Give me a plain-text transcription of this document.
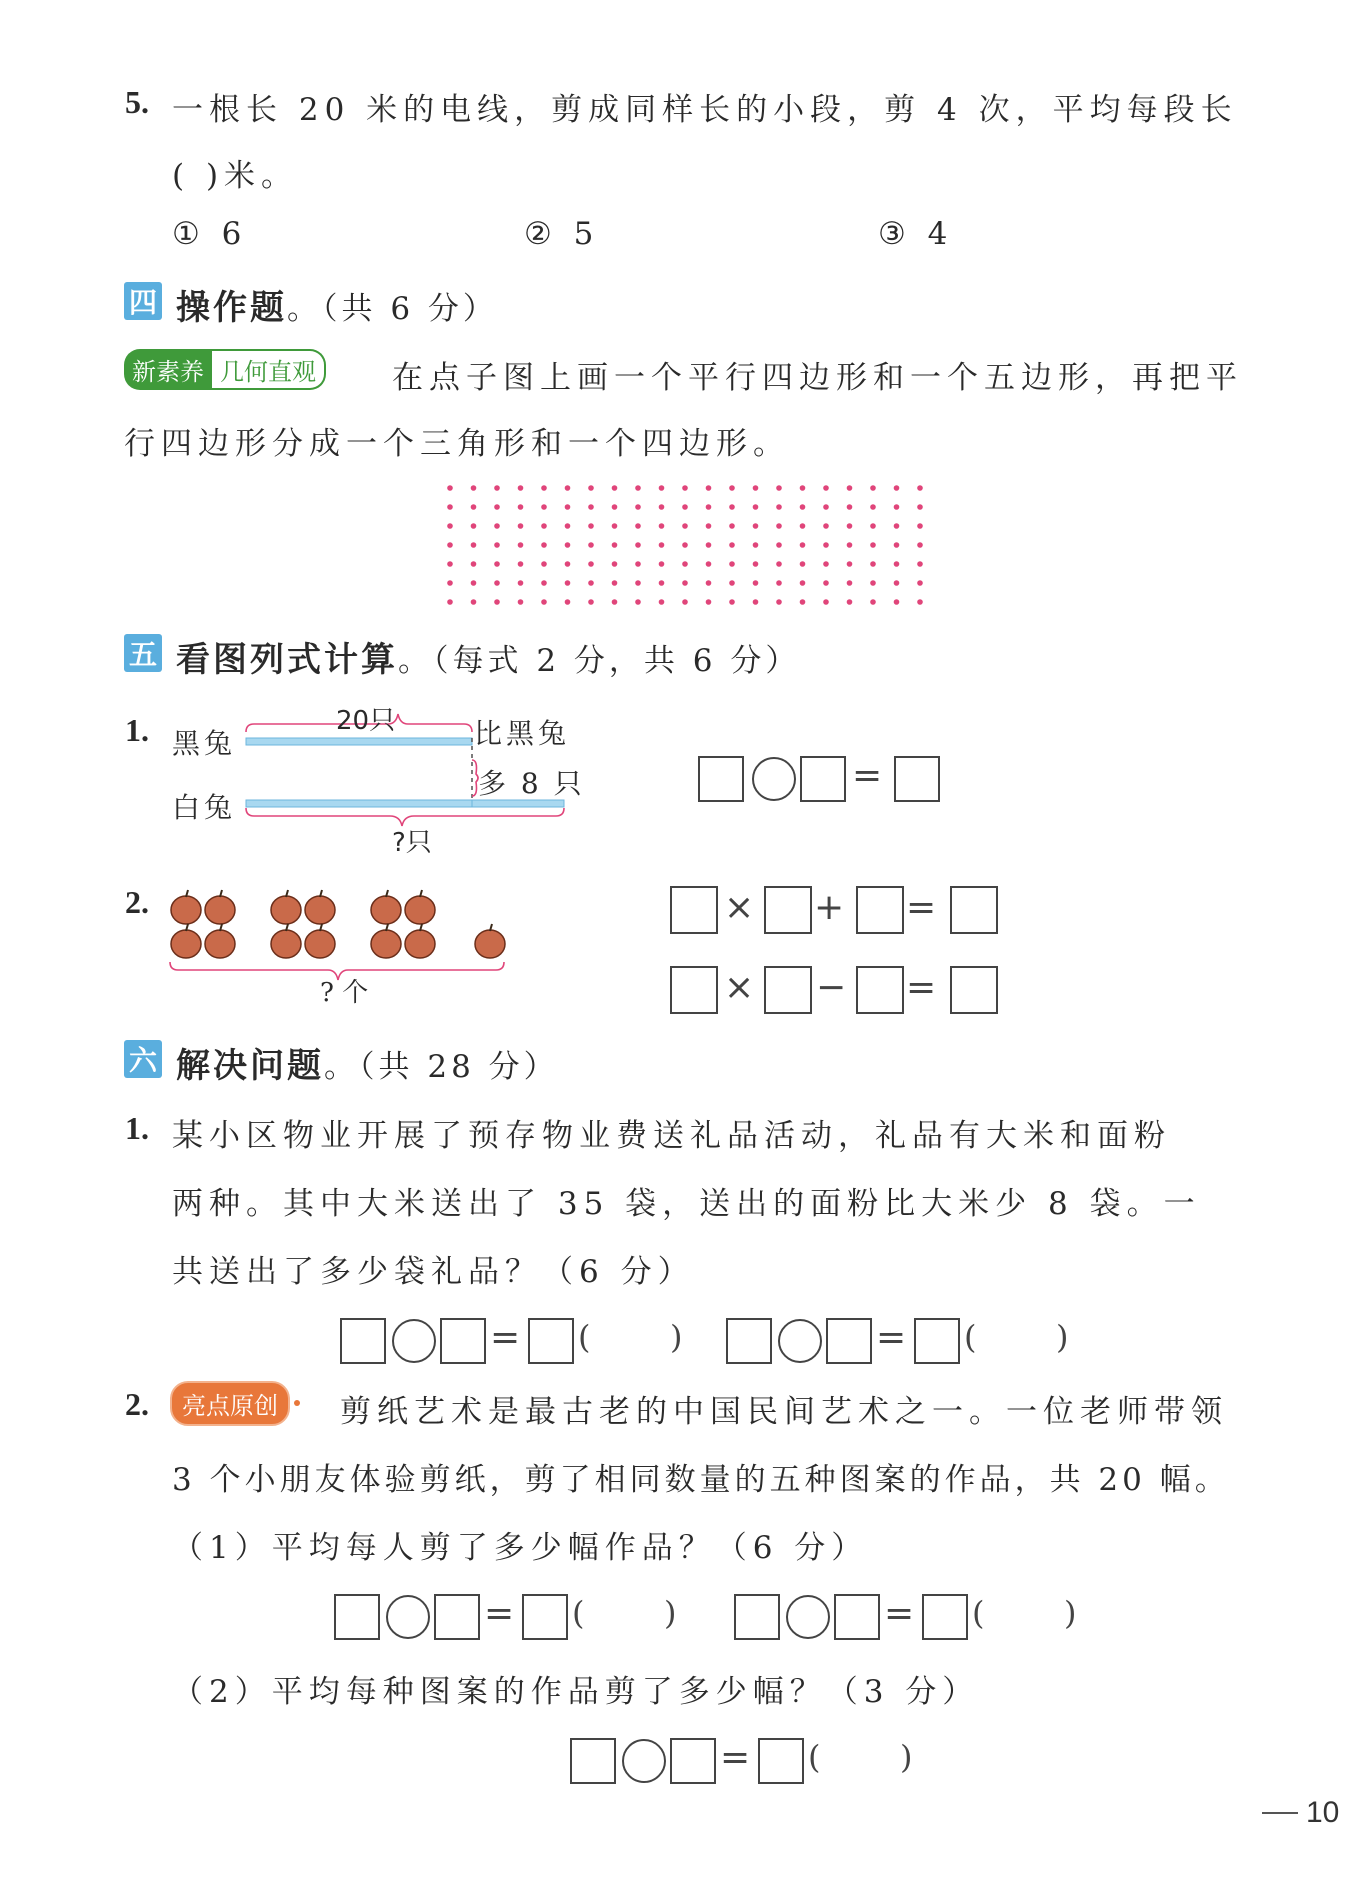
5. 一根长 20 米的电线，剪成同样长的小段，剪 4 次，平均每段长
( )米。
① 6	② 5	③ 4
四 操作题。（共 6 分）
新素养 几何直观	在点子图上画一个平行四边形和一个五边形，再把平
行四边形分成一个三角形和一个四边形。
五 看图列式计算。（每式 2 分，共 6 分）
1. 黑兔
白兔
20只	比黑兔
多 8 只
?只
=
2.
? 个
× + =
× − =
六 解决问题。（共 28 分）
1. 某小区物业开展了预存物业费送礼品活动，礼品有大米和面粉
两种。其中大米送出了 35 袋，送出的面粉比大米少 8 袋。一
共送出了多少袋礼品？（6 分）
= ( )	= ( )
2.	亮点原创	剪纸艺术是最古老的中国民间艺术之一。一位老师带领
3 个小朋友体验剪纸，剪了相同数量的五种图案的作品，共 20 幅。
（1）平均每人剪了多少幅作品？（6 分）
= ( )	= ( )
（2）平均每种图案的作品剪了多少幅？（3 分）
= ( )
10
